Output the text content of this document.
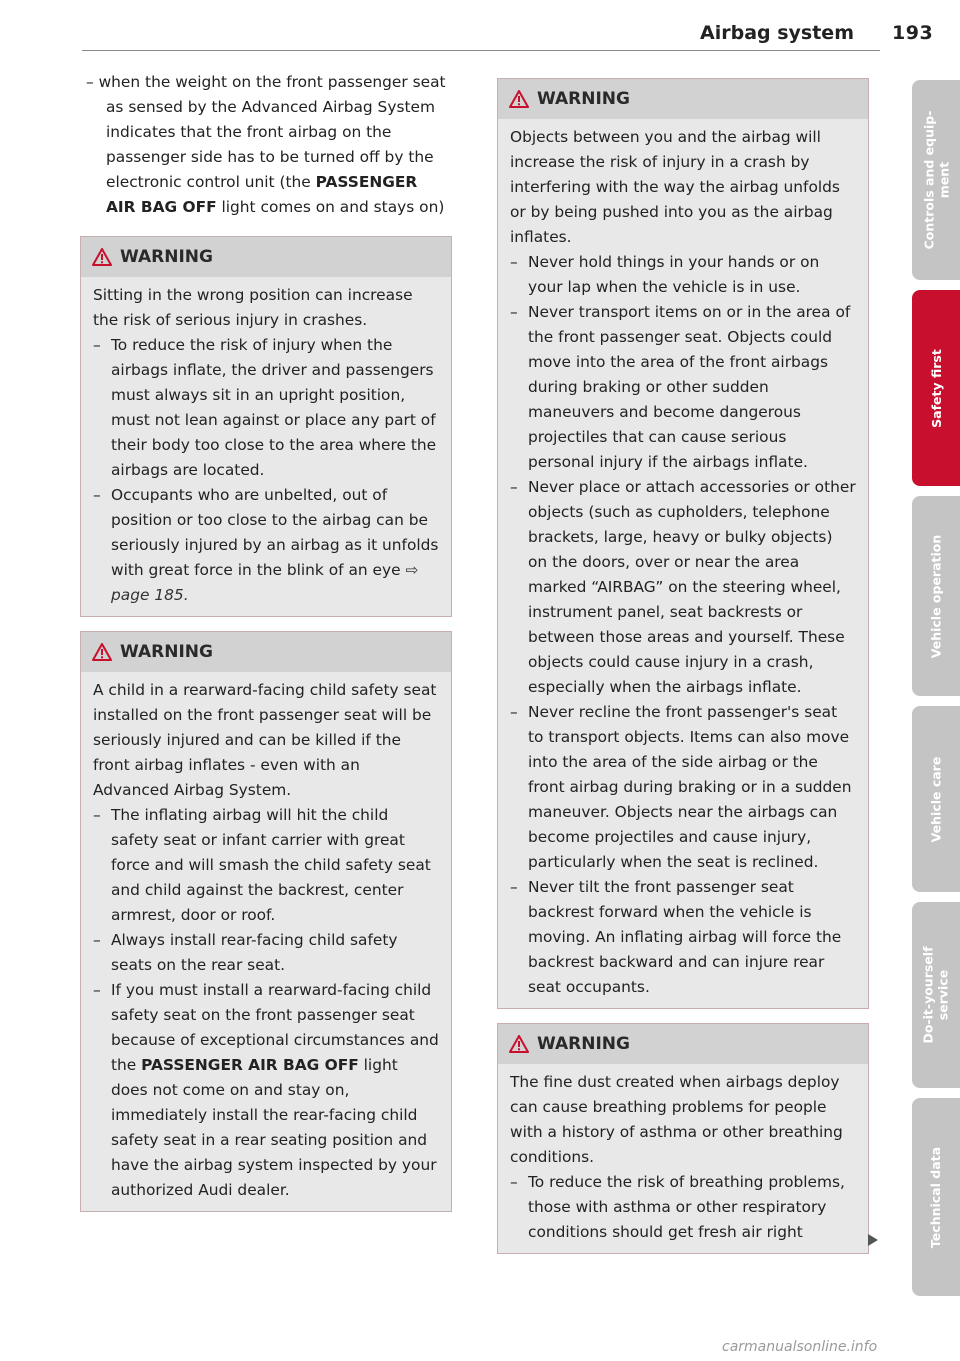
Airbag system 193
– when the weight on the front passenger seat as sensed by the Advanced Airbag System indicates that the front airbag on the passenger side has to be turned off by the electronic control unit (the PASSENGER AIR BAG OFF light comes on and stays on)
WARNING

Sitting in the wrong position can increase the risk of serious injury in crashes.

– To reduce the risk of injury when the airbags inflate, the driver and passengers must always sit in an upright position, must not lean against or place any part of their body too close to the area where the airbags are located.
– Occupants who are unbelted, out of position or too close to the airbag can be seriously injured by an airbag as it unfolds with great force in the blink of an eye ⇨ page 185.
WARNING

A child in a rearward-facing child safety seat installed on the front passenger seat will be seriously injured and can be killed if the front airbag inflates - even with an Advanced Airbag System.

– The inflating airbag will hit the child safety seat or infant carrier with great force and will smash the child safety seat and child against the backrest, center armrest, door or roof.
– Always install rear-facing child safety seats on the rear seat.
– If you must install a rearward-facing child safety seat on the front passenger seat because of exceptional circumstances and the PASSENGER AIR BAG OFF light does not come on and stay on, immediately install the rear-facing child safety seat in a rear seating position and have the airbag system inspected by your authorized Audi dealer.
WARNING

Objects between you and the airbag will increase the risk of injury in a crash by interfering with the way the airbag unfolds or by being pushed into you as the airbag inflates.

– Never hold things in your hands or on your lap when the vehicle is in use.
– Never transport items on or in the area of the front passenger seat. Objects could move into the area of the front airbags during braking or other sudden maneuvers and become dangerous projectiles that can cause serious personal injury if the airbags inflate.
– Never place or attach accessories or other objects (such as cupholders, telephone brackets, large, heavy or bulky objects) on the doors, over or near the area marked “AIRBAG” on the steering wheel, instrument panel, seat backrests or between those areas and yourself. These objects could cause injury in a crash, especially when the airbags inflate.
– Never recline the front passenger's seat to transport objects. Items can also move into the area of the side airbag or the front airbag during braking or in a sudden maneuver. Objects near the airbags can become projectiles and cause injury, particularly when the seat is reclined.
– Never tilt the front passenger seat backrest forward when the vehicle is moving. An inflating airbag will force the backrest backward and can injure rear seat occupants.
WARNING

The fine dust created when airbags deploy can cause breathing problems for people with a history of asthma or other breathing conditions.

– To reduce the risk of breathing problems, those with asthma or other respiratory conditions should get fresh air right
Controls and equip-
ment
Safety first
Vehicle operation
Vehicle care
Do-it-yourself
service
Technical data
carmanualsonline.info
